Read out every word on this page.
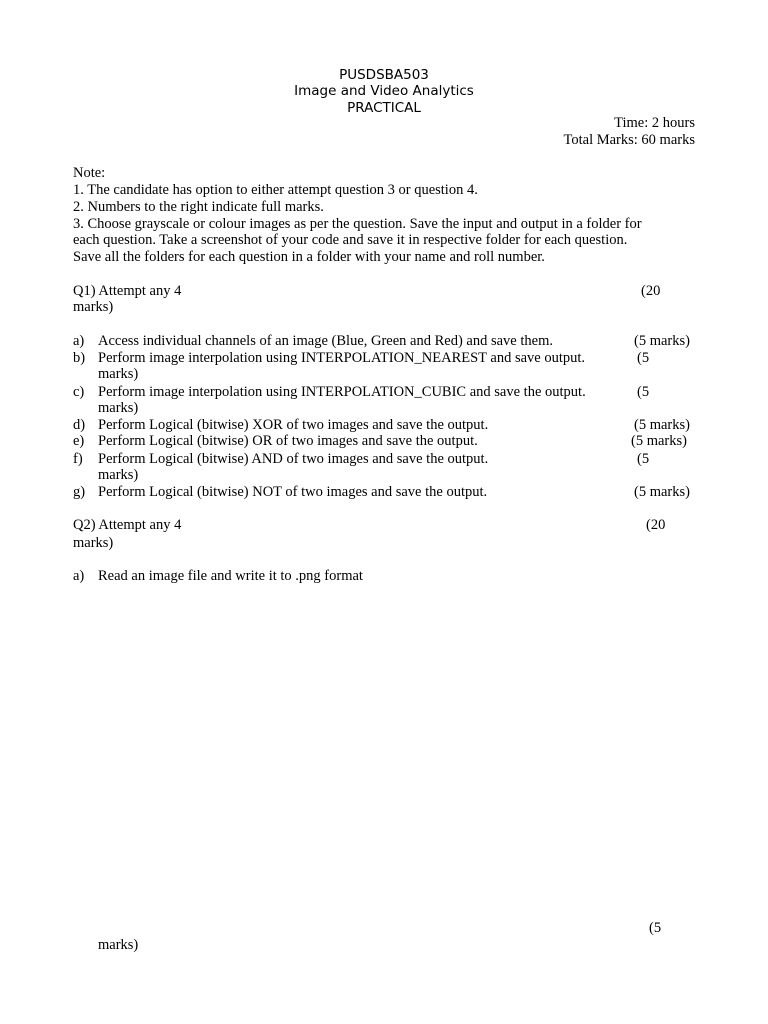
PUSDSBA503
Image and Video Analytics
PRACTICAL
Time: 2 hours
Total Marks: 60 marks
Note:
1. The candidate has option to either attempt question 3 or question 4.
2. Numbers to the right indicate full marks.
3. Choose grayscale or colour images as per the question. Save the input and output in a folder for
each question. Take a screenshot of your code and save it in respective folder for each question.
Save all the folders for each question in a folder with your name and roll number.
Q1) Attempt any 4	(20
marks)
a) Access individual channels of an image (Blue, Green and Red) and save them.	(5 marks)
b) Perform image interpolation using INTERPOLATION_NEAREST and save output.	(5
marks)
c) Perform image interpolation using INTERPOLATION_CUBIC and save the output.	(5
marks)
d) Perform Logical (bitwise) XOR of two images and save the output.	(5 marks)
e) Perform Logical (bitwise) OR of two images and save the output.	(5 marks)
f) Perform Logical (bitwise) AND of two images and save the output.	(5
marks)
g) Perform Logical (bitwise) NOT of two images and save the output.	(5 marks)
Q2) Attempt any 4	(20
marks)
a) Read an image file and write it to .png format
(5
marks)
